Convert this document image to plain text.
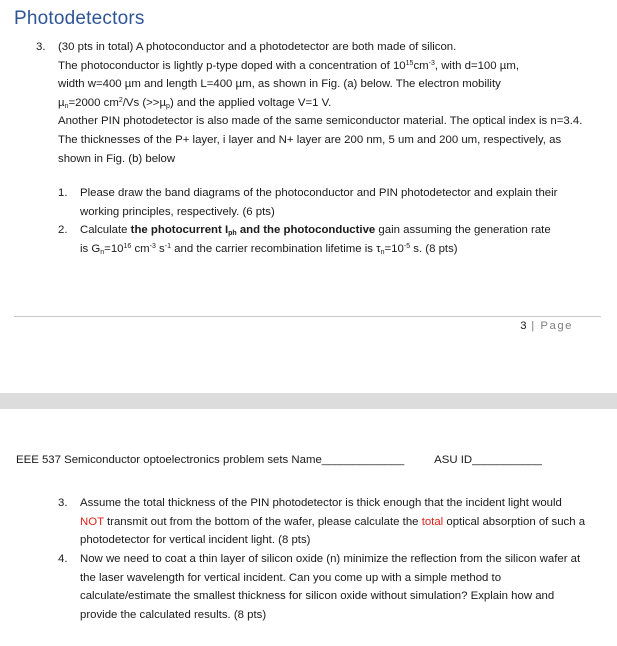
Photodetectors
3. (30 pts in total) A photoconductor and a photodetector are both made of silicon.
The photoconductor is lightly p-type doped with a concentration of $10^{15}cm^{-3}$, with d=100 µm,
width w=400 µm and length L=400 µm, as shown in Fig. (a) below. The electron mobility
µ$_n$=2000 $cm^2/Vs$ (>>µ$_p$) and the applied voltage V=1 V.

Another PIN photodetector is also made of the same semiconductor material. The optical index is n=3.4. The thicknesses of the P+ layer, i layer and N+ layer are 200 nm, 5 um and 200 um, respectively, as shown in Fig. (b) below

1. Please draw the band diagrams of the photoconductor and PIN photodetector and explain their working principles, respectively. (6 pts)
2. Calculate the photocurrent $I_{ph}$ and the photoconductive gain assuming the generation rate
is $G_n=10^{16}$ $cm^{-3}$ $s^{-1}$ and the carrier recombination lifetime is $\tau_n=10^{-5}$ s. (8 pts)
3 | Page
EEE 537 Semiconductor optoelectronics problem sets Name_____________	ASU ID___________
3. Assume the total thickness of the PIN photodetector is thick enough that the incident light would NOT transmit out from the bottom of the wafer, please calculate the total optical absorption of such a photodetector for vertical incident light. (8 pts)
4. Now we need to coat a thin layer of silicon oxide (n) minimize the reflection from the silicon wafer at the laser wavelength for vertical incident. Can you come up with a simple method to calculate/estimate the smallest thickness for silicon oxide without simulation? Explain how and provide the calculated results. (8 pts)
